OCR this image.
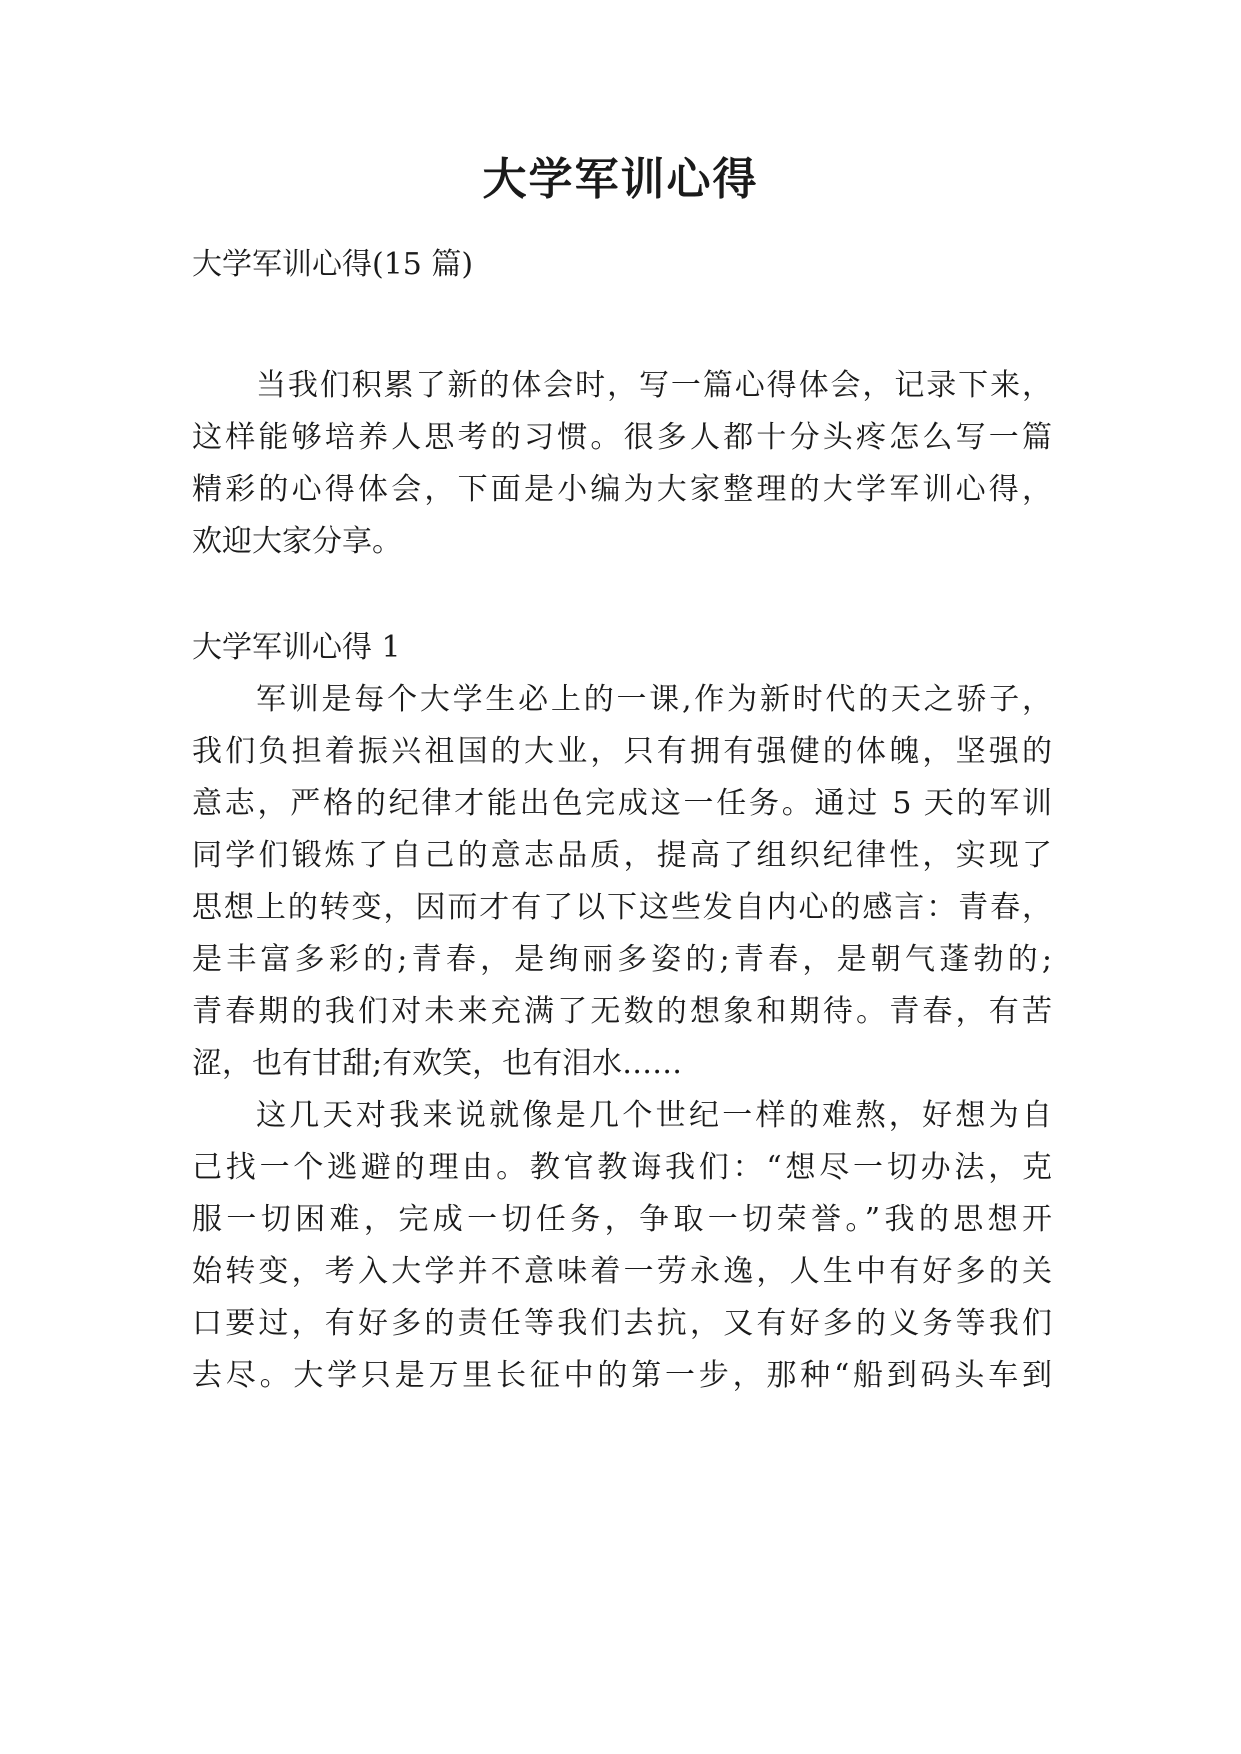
大学军训心得
大学军训心得(15 篇)
当我们积累了新的体会时，写一篇心得体会，记录下来，
这样能够培养人思考的习惯。很多人都十分头疼怎么写一篇
精彩的心得体会，下面是小编为大家整理的大学军训心得，
欢迎大家分享。
大学军训心得 1
军训是每个大学生必上的一课,作为新时代的天之骄子，
我们负担着振兴祖国的大业，只有拥有强健的体魄，坚强的
意志，严格的纪律才能出色完成这一任务。通过 5 天的军训
同学们锻炼了自己的意志品质，提高了组织纪律性，实现了
思想上的转变，因而才有了以下这些发自内心的感言：青春，
是丰富多彩的;青春，是绚丽多姿的;青春，是朝气蓬勃的;
青春期的我们对未来充满了无数的想象和期待。青春，有苦
涩，也有甘甜;有欢笑，也有泪水……
这几天对我来说就像是几个世纪一样的难熬，好想为自
己找一个逃避的理由。教官教诲我们：“想尽一切办法，克
服一切困难，完成一切任务，争取一切荣誉。”我的思想开
始转变，考入大学并不意味着一劳永逸，人生中有好多的关
口要过，有好多的责任等我们去抗，又有好多的义务等我们
去尽。大学只是万里长征中的第一步，那种“船到码头车到
